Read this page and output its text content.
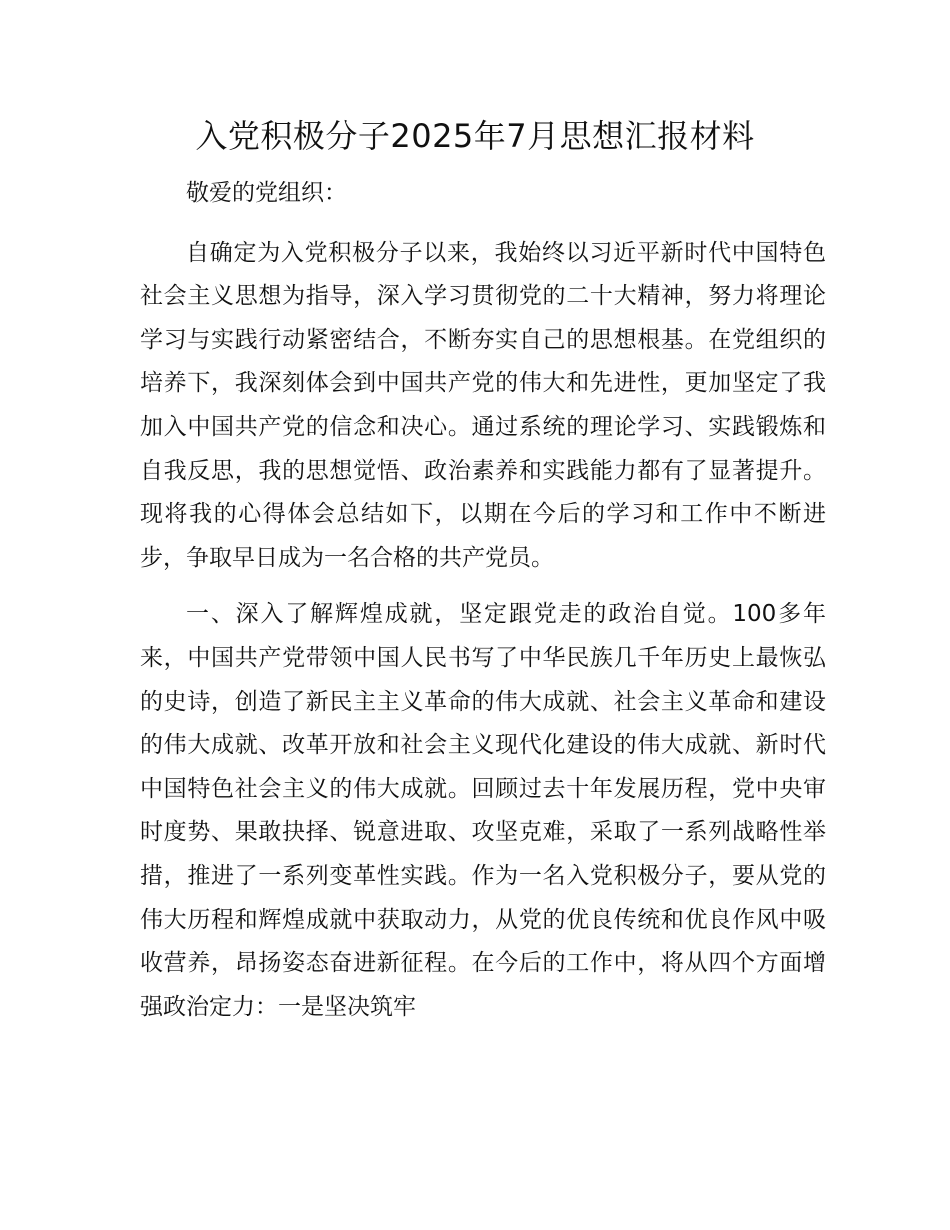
入党积极分子2025年7月思想汇报材料

敬爱的党组织：

自确定为入党积极分子以来，我始终以习近平新时代中国特色社会主义思想为指导，深入学习贯彻党的二十大精神，努力将理论学习与实践行动紧密结合，不断夯实自己的思想根基。在党组织的培养下，我深刻体会到中国共产党的伟大和先进性，更加坚定了我加入中国共产党的信念和决心。通过系统的理论学习、实践锻炼和自我反思，我的思想觉悟、政治素养和实践能力都有了显著提升。现将我的心得体会总结如下，以期在今后的学习和工作中不断进步，争取早日成为一名合格的共产党员。

一、深入了解辉煌成就，坚定跟党走的政治自觉。100多年来，中国共产党带领中国人民书写了中华民族几千年历史上最恢弘的史诗，创造了新民主主义革命的伟大成就、社会主义革命和建设的伟大成就、改革开放和社会主义现代化建设的伟大成就、新时代中国特色社会主义的伟大成就。回顾过去十年发展历程，党中央审时度势、果敢抉择、锐意进取、攻坚克难，采取了一系列战略性举措，推进了一系列变革性实践。作为一名入党积极分子，要从党的伟大历程和辉煌成就中获取动力，从党的优良传统和优良作风中吸收营养，昂扬姿态奋进新征程。在今后的工作中，将从四个方面增强政治定力：一是坚决筑牢
